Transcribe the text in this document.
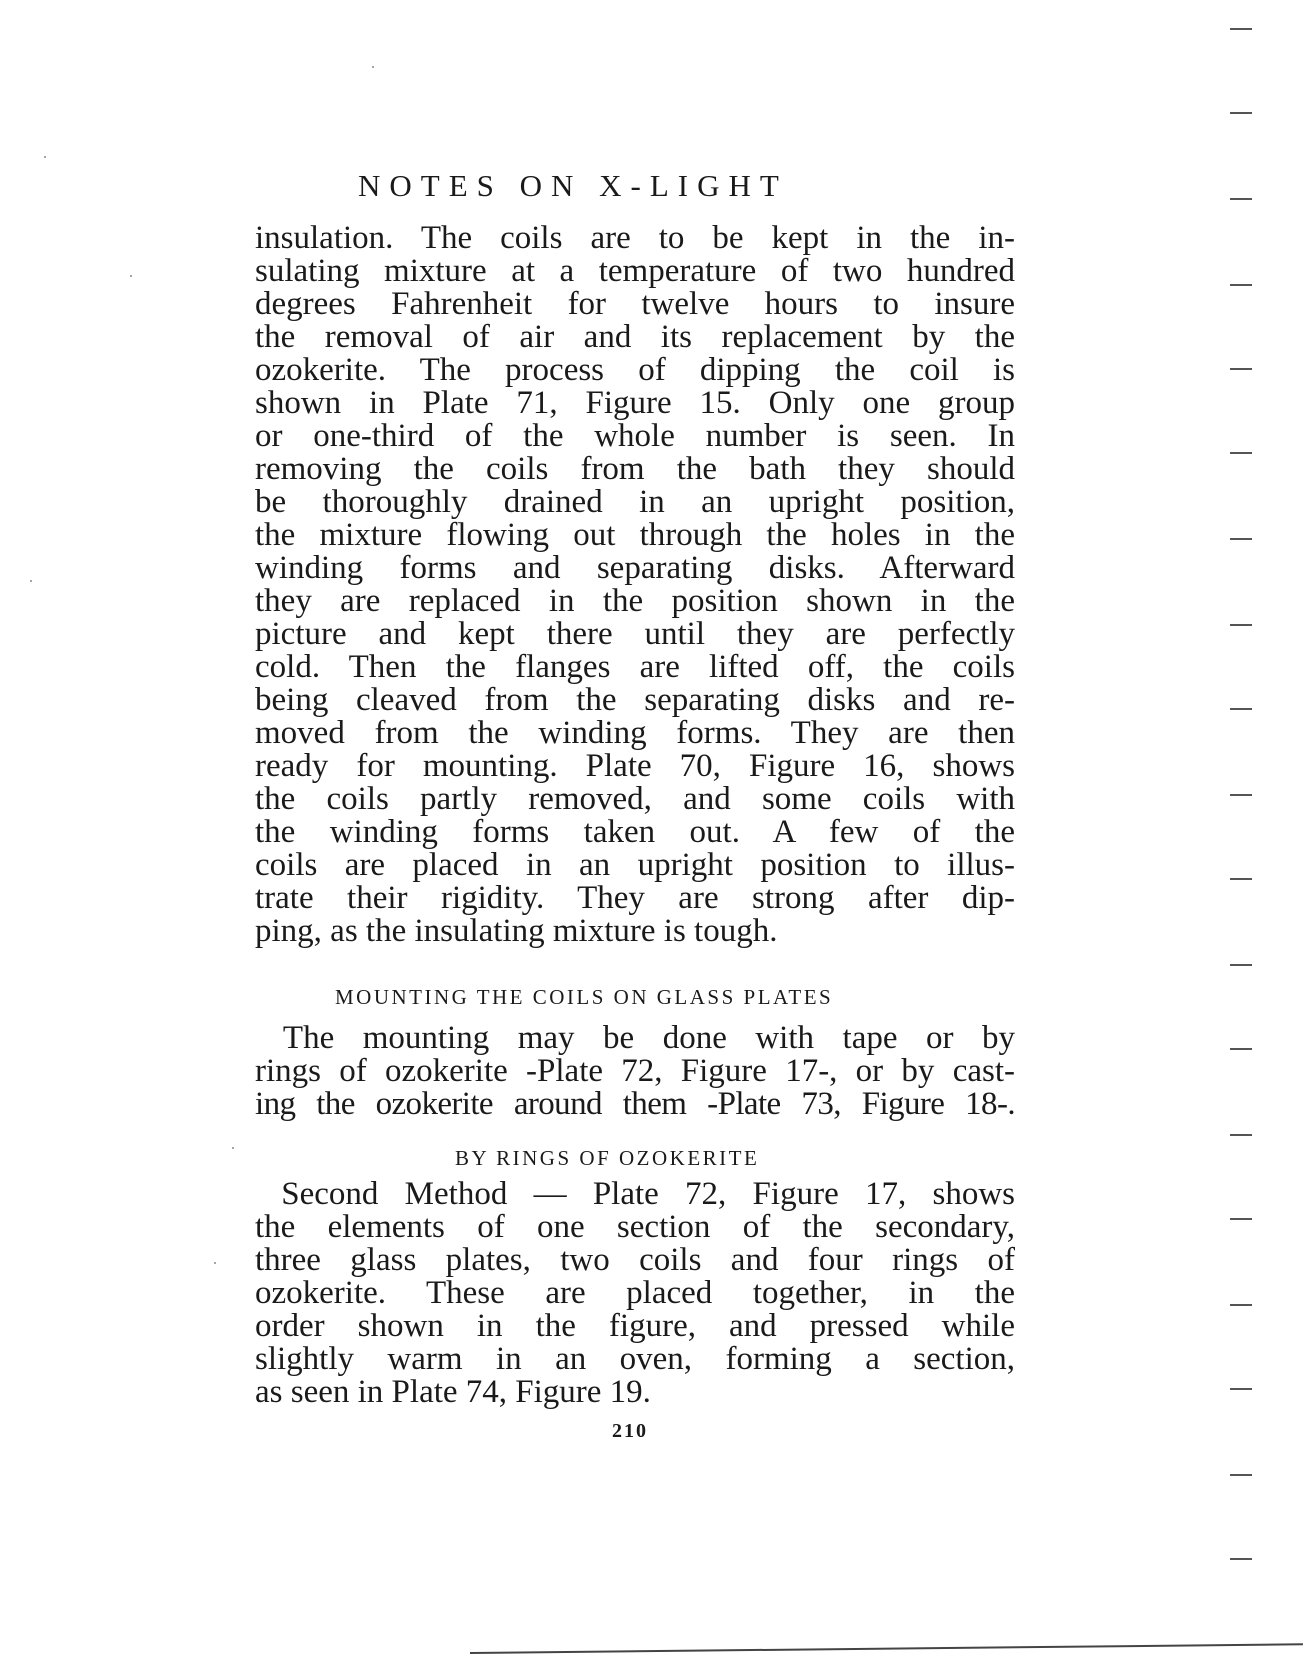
NOTES ON X-LIGHT
insulation. The coils are to be kept in the in-
sulating mixture at a temperature of two hundred
degrees Fahrenheit for twelve hours to insure
the removal of air and its replacement by the
ozokerite. The process of dipping the coil is
shown in Plate 71, Figure 15. Only one group
or one-third of the whole number is seen. In
removing the coils from the bath they should
be thoroughly drained in an upright position,
the mixture flowing out through the holes in the
winding forms and separating disks. Afterward
they are replaced in the position shown in the
picture and kept there until they are perfectly
cold. Then the flanges are lifted off, the coils
being cleaved from the separating disks and re-
moved from the winding forms. They are then
ready for mounting. Plate 70, Figure 16, shows
the coils partly removed, and some coils with
the winding forms taken out. A few of the
coils are placed in an upright position to illus-
trate their rigidity. They are strong after dip-
ping, as the insulating mixture is tough.
MOUNTING THE COILS ON GLASS PLATES
The mounting may be done with tape or by
rings of ozokerite -Plate 72, Figure 17-, or by cast-
ing the ozokerite around them -Plate 73, Figure 18-.
BY RINGS OF OZOKERITE
Second Method — Plate 72, Figure 17, shows
the elements of one section of the secondary,
three glass plates, two coils and four rings of
ozokerite. These are placed together, in the
order shown in the figure, and pressed while
slightly warm in an oven, forming a section,
as seen in Plate 74, Figure 19.
210
